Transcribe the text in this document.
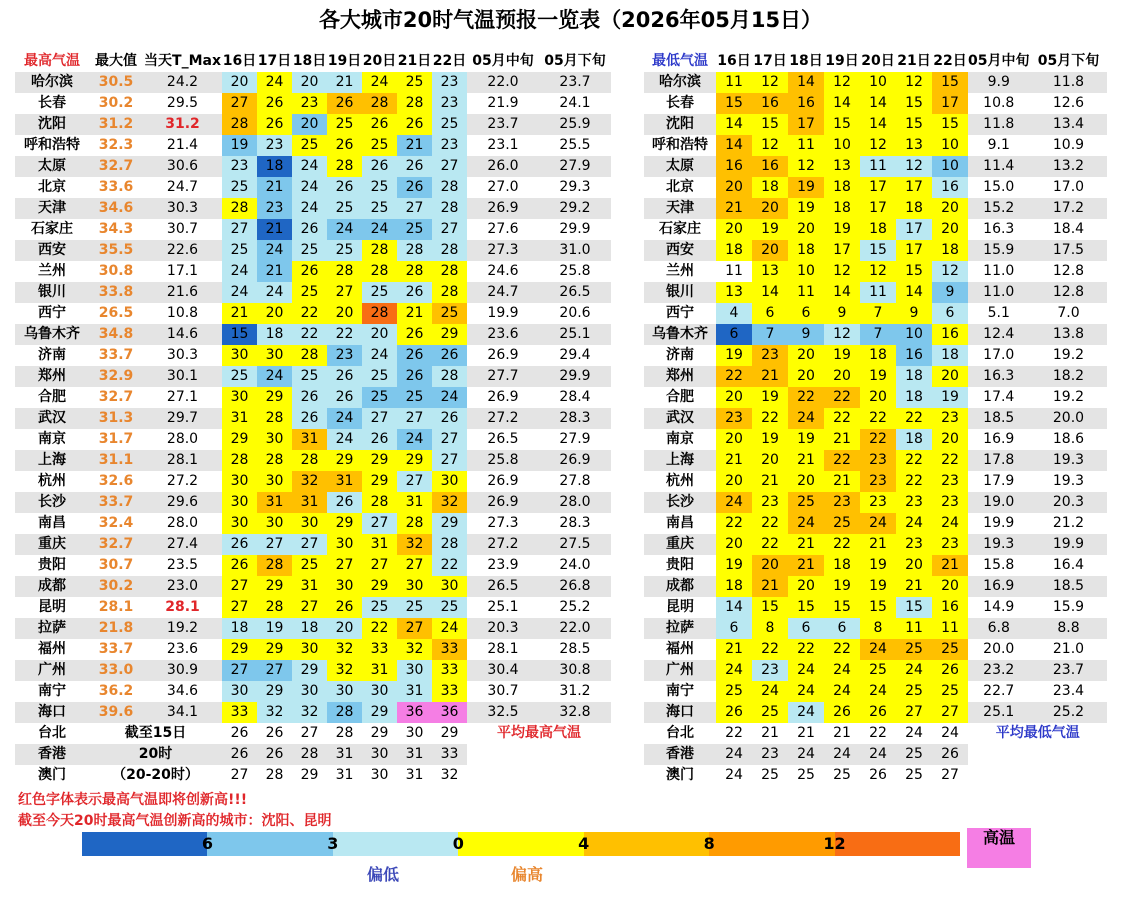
各大城市20时气温预报一览表（2026年05月15日）
最高气温	最大值	当天T_Max	16日	17日	18日	19日	20日	21日	22日	05月中旬	05月下旬
哈尔滨	30.5	24.2	20	24	20	21	24	25	23	22.0	23.7
长春	30.2	29.5	27	26	23	26	28	28	23	21.9	24.1
沈阳	31.2	31.2	28	26	20	25	26	26	25	23.7	25.9
呼和浩特	32.3	21.4	19	23	25	26	25	21	23	23.1	25.5
太原	32.7	30.6	23	18	24	28	26	26	27	26.0	27.9
北京	33.6	24.7	25	21	24	26	25	26	28	27.0	29.3
天津	34.6	30.3	28	23	24	25	25	27	28	26.9	29.2
石家庄	34.3	30.7	27	21	26	24	24	25	27	27.6	29.9
西安	35.5	22.6	25	24	25	25	28	28	28	27.3	31.0
兰州	30.8	17.1	24	21	26	28	28	28	28	24.6	25.8
银川	33.8	21.6	24	24	25	27	25	26	28	24.7	26.5
西宁	26.5	10.8	21	20	22	20	28	21	25	19.9	20.6
乌鲁木齐	34.8	14.6	15	18	22	22	20	26	29	23.6	25.1
济南	33.7	30.3	30	30	28	23	24	26	26	26.9	29.4
郑州	32.9	30.1	25	24	25	26	25	26	28	27.7	29.9
合肥	32.7	27.1	30	29	26	26	25	25	24	26.9	28.4
武汉	31.3	29.7	31	28	26	24	27	27	26	27.2	28.3
南京	31.7	28.0	29	30	31	24	26	24	27	26.5	27.9
上海	31.1	28.1	28	28	28	29	29	29	27	25.8	26.9
杭州	32.6	27.2	30	30	32	31	29	27	30	26.9	27.8
长沙	33.7	29.6	30	31	31	26	28	31	32	26.9	28.0
南昌	32.4	28.0	30	30	30	29	27	28	29	27.3	28.3
重庆	32.7	27.4	26	27	27	30	31	32	28	27.2	27.5
贵阳	30.7	23.5	26	28	25	27	27	27	22	23.9	24.0
成都	30.2	23.0	27	29	31	30	29	30	30	26.5	26.8
昆明	28.1	28.1	27	28	27	26	25	25	25	25.1	25.2
拉萨	21.8	19.2	18	19	18	20	22	27	24	20.3	22.0
福州	33.7	23.6	29	29	30	32	33	32	33	28.1	28.5
广州	33.0	30.9	27	27	29	32	31	30	33	30.4	30.8
南宁	36.2	34.6	30	29	30	30	30	31	33	30.7	31.2
海口	39.6	34.1	33	32	32	28	29	36	36	32.5	32.8
台北	截至15日		26	26	27	28	29	30	29	平均最高气温	
香港	20时		26	26	28	31	30	31	33		
澳门	（20-20时）		27	28	29	31	30	31	32		
最低气温	16日	17日	18日	19日	20日	21日	22日	05月中旬	05月下旬
哈尔滨	11	12	14	12	10	12	15	9.9	11.8
长春	15	16	16	14	14	15	17	10.8	12.6
沈阳	14	15	17	15	14	15	15	11.8	13.4
呼和浩特	14	12	11	10	12	13	10	9.1	10.9
太原	16	16	12	13	11	12	10	11.4	13.2
北京	20	18	19	18	17	17	16	15.0	17.0
天津	21	20	19	18	17	18	20	15.2	17.2
石家庄	20	19	20	19	18	17	20	16.3	18.4
西安	18	20	18	17	15	17	18	15.9	17.5
兰州	11	13	10	12	12	15	12	11.0	12.8
银川	13	14	11	14	11	14	9	11.0	12.8
西宁	4	6	6	9	7	9	6	5.1	7.0
乌鲁木齐	6	7	9	12	7	10	16	12.4	13.8
济南	19	23	20	19	18	16	18	17.0	19.2
郑州	22	21	20	20	19	18	20	16.3	18.2
合肥	20	19	22	22	20	18	19	17.4	19.2
武汉	23	22	24	22	22	22	23	18.5	20.0
南京	20	19	19	21	22	18	20	16.9	18.6
上海	21	20	21	22	23	22	22	17.8	19.3
杭州	20	21	20	21	23	22	23	17.9	19.3
长沙	24	23	25	23	23	23	23	19.0	20.3
南昌	22	22	24	25	24	24	24	19.9	21.2
重庆	20	22	21	22	21	23	23	19.3	19.9
贵阳	19	20	21	18	19	20	21	15.8	16.4
成都	18	21	20	19	19	21	20	16.9	18.5
昆明	14	15	15	15	15	15	16	14.9	15.9
拉萨	6	8	6	6	8	11	11	6.8	8.8
福州	21	22	22	22	24	25	25	20.0	21.0
广州	24	23	24	24	25	24	26	23.2	23.7
南宁	25	24	24	24	24	25	25	22.7	23.4
海口	26	25	24	26	26	27	27	25.1	25.2
台北	22	21	21	21	22	24	24	平均最低气温	
香港	24	23	24	24	24	25	26		
澳门	24	25	25	25	26	25	27		
红色字体表示最高气温即将创新高!!!
截至今天20时最高气温创新高的城市：沈阳、昆明
6	3	0	4	8	12	高温
偏低	偏高
